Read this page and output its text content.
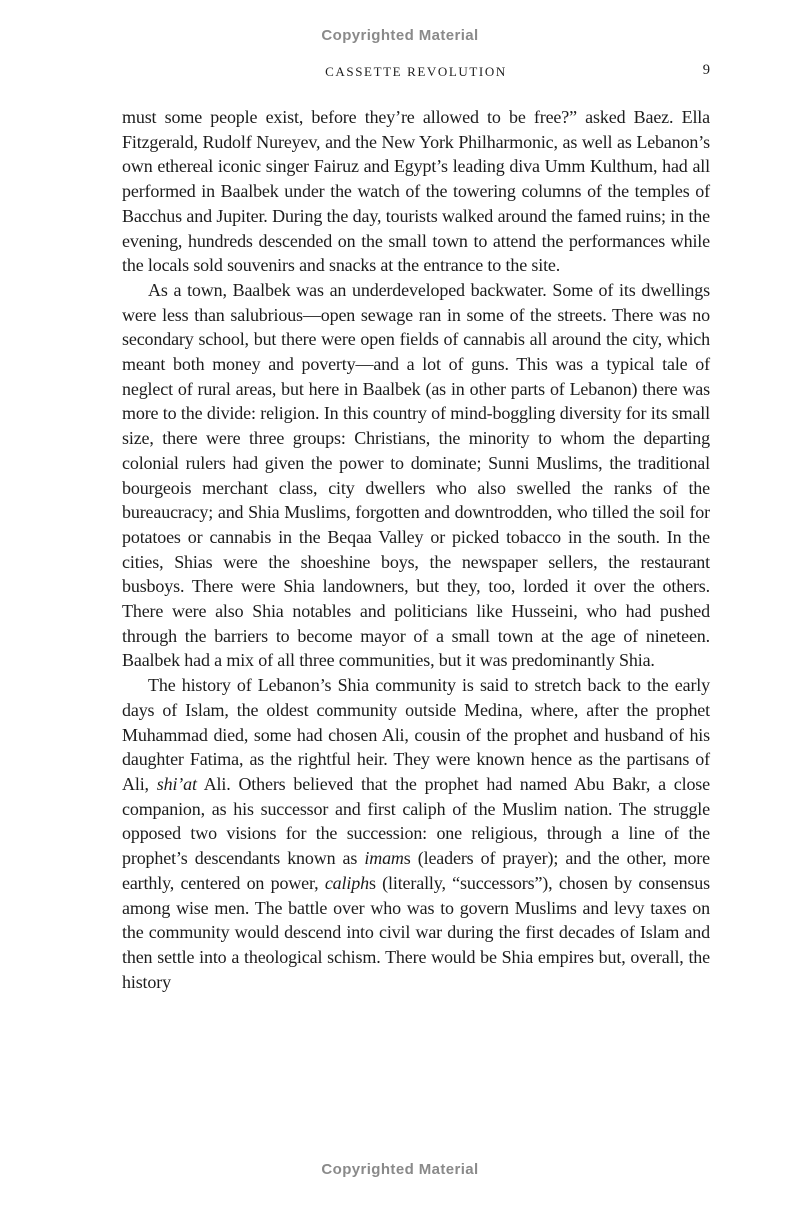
Copyrighted Material
CASSETTE REVOLUTION	9

must some people exist, before they’re allowed to be free?” asked Baez. Ella Fitzgerald, Rudolf Nureyev, and the New York Philharmonic, as well as Lebanon’s own ethereal iconic singer Fairuz and Egypt’s leading diva Umm Kulthum, had all performed in Baalbek under the watch of the towering columns of the temples of Bacchus and Jupiter. During the day, tourists walked around the famed ruins; in the evening, hundreds descended on the small town to attend the performances while the locals sold souvenirs and snacks at the entrance to the site.

As a town, Baalbek was an underdeveloped backwater. Some of its dwellings were less than salubrious—open sewage ran in some of the streets. There was no secondary school, but there were open fields of cannabis all around the city, which meant both money and poverty—and a lot of guns. This was a typical tale of neglect of rural areas, but here in Baalbek (as in other parts of Lebanon) there was more to the divide: religion. In this country of mind-boggling diversity for its small size, there were three groups: Christians, the minority to whom the departing colonial rulers had given the power to dominate; Sunni Muslims, the traditional bourgeois merchant class, city dwellers who also swelled the ranks of the bureaucracy; and Shia Muslims, forgotten and downtrodden, who tilled the soil for potatoes or cannabis in the Beqaa Valley or picked tobacco in the south. In the cities, Shias were the shoeshine boys, the newspaper sellers, the restaurant busboys. There were Shia landowners, but they, too, lorded it over the others. There were also Shia notables and politicians like Husseini, who had pushed through the barriers to become mayor of a small town at the age of nineteen. Baalbek had a mix of all three communities, but it was predominantly Shia.

The history of Lebanon’s Shia community is said to stretch back to the early days of Islam, the oldest community outside Medina, where, after the prophet Muhammad died, some had chosen Ali, cousin of the prophet and husband of his daughter Fatima, as the rightful heir. They were known hence as the partisans of Ali, shi’at Ali. Others believed that the prophet had named Abu Bakr, a close companion, as his successor and first caliph of the Muslim nation. The struggle opposed two visions for the succession: one religious, through a line of the prophet’s descendants known as imams (leaders of prayer); and the other, more earthly, centered on power, caliphs (literally, “successors”), chosen by consensus among wise men. The battle over who was to govern Muslims and levy taxes on the community would descend into civil war during the first decades of Islam and then settle into a theological schism. There would be Shia empires but, overall, the history

Copyrighted Material
